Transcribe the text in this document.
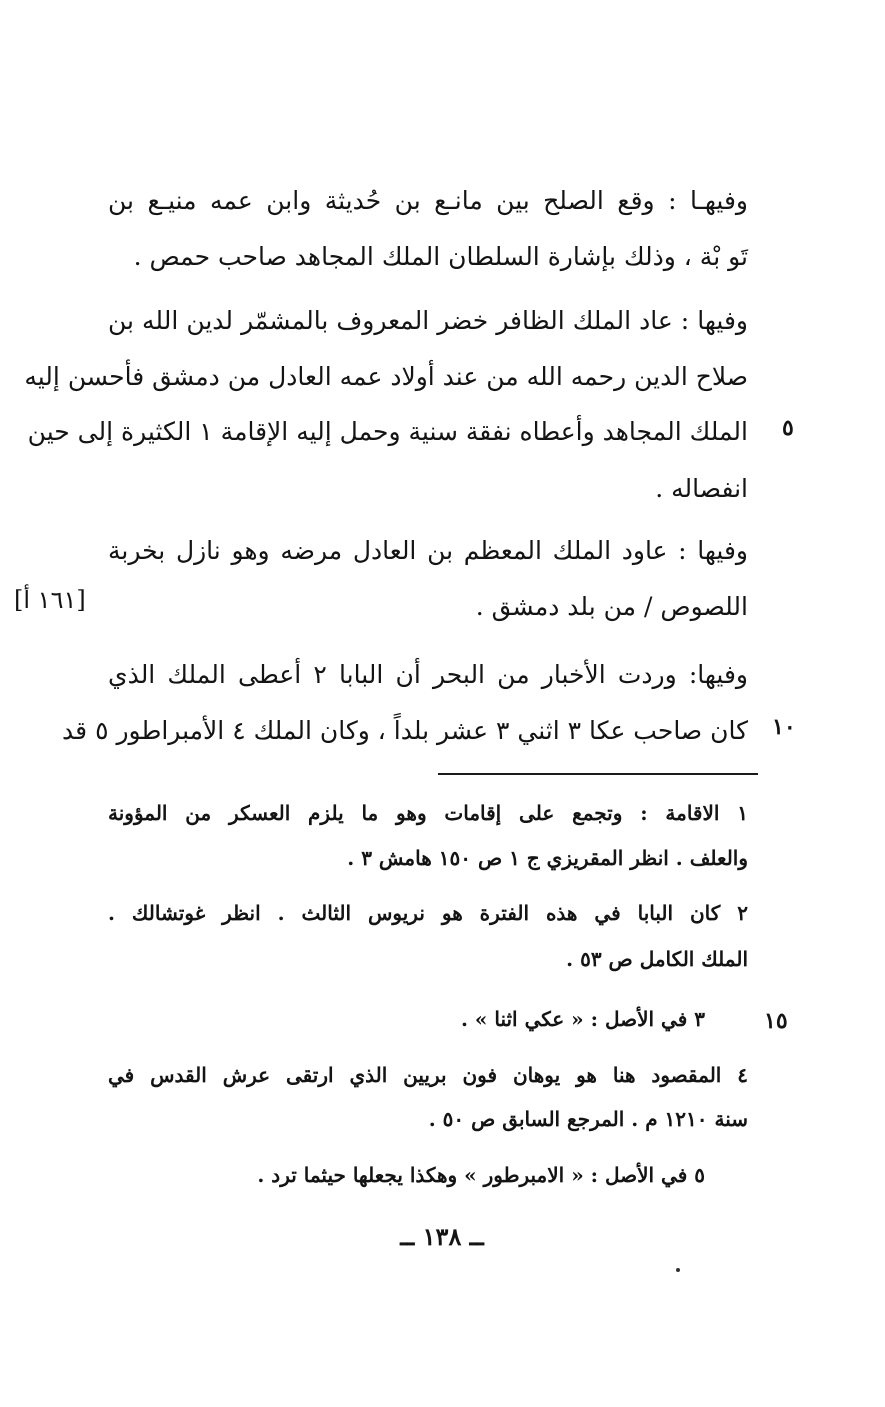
وفيهـا : وقع الصلح بين مانـع بن حُديثة وابن عمه منيـع بن
تَو بْة ، وذلك بإشارة السلطان الملك المجاهد صاحب حمص .
وفيها : عاد الملك الظافر خضر المعروف بالمشمّر لدين الله بن
صلاح الدين رحمه الله من عند أولاد عمه العادل من دمشق فأحسن إليه
الملك المجاهد وأعطاه نفقة سنية وحمل إليه الإقامة ١ الكثيرة إلى حين
انفصاله .
وفيها : عاود الملك المعظم بن العادل مرضه وهو نازل بخربة
اللصوص / من بلد دمشق .
وفيها: وردت الأخبار من البحر أن البابا ٢ أعطى الملك الذي
كان صاحب عكا ٣ اثني ٣ عشر بلداً ، وكان الملك ٤ الأمبراطور ٥ قد
٥
١٠
١٥
[١٦١ أ]
١ الاقامة : وتجمع على إقامات وهو ما يلزم العسكر من المؤونة
والعلف . انظر المقريزي ج ١ ص ١٥٠ هامش ٣ .
٢ كان البابا في هذه الفترة هو نريوس الثالث . انظر غوتشالك .
الملك الكامل ص ٥٣ .
٣ في الأصل : « عكي اثنا » .
٤ المقصود هنا هو يوهان فون بريين الذي ارتقى عرش القدس في
سنة ١٢١٠ م . المرجع السابق ص ٥٠ .
٥ في الأصل : « الامبرطور » وهكذا يجعلها حيثما ترد .
ــ ١٣٨ ــ
